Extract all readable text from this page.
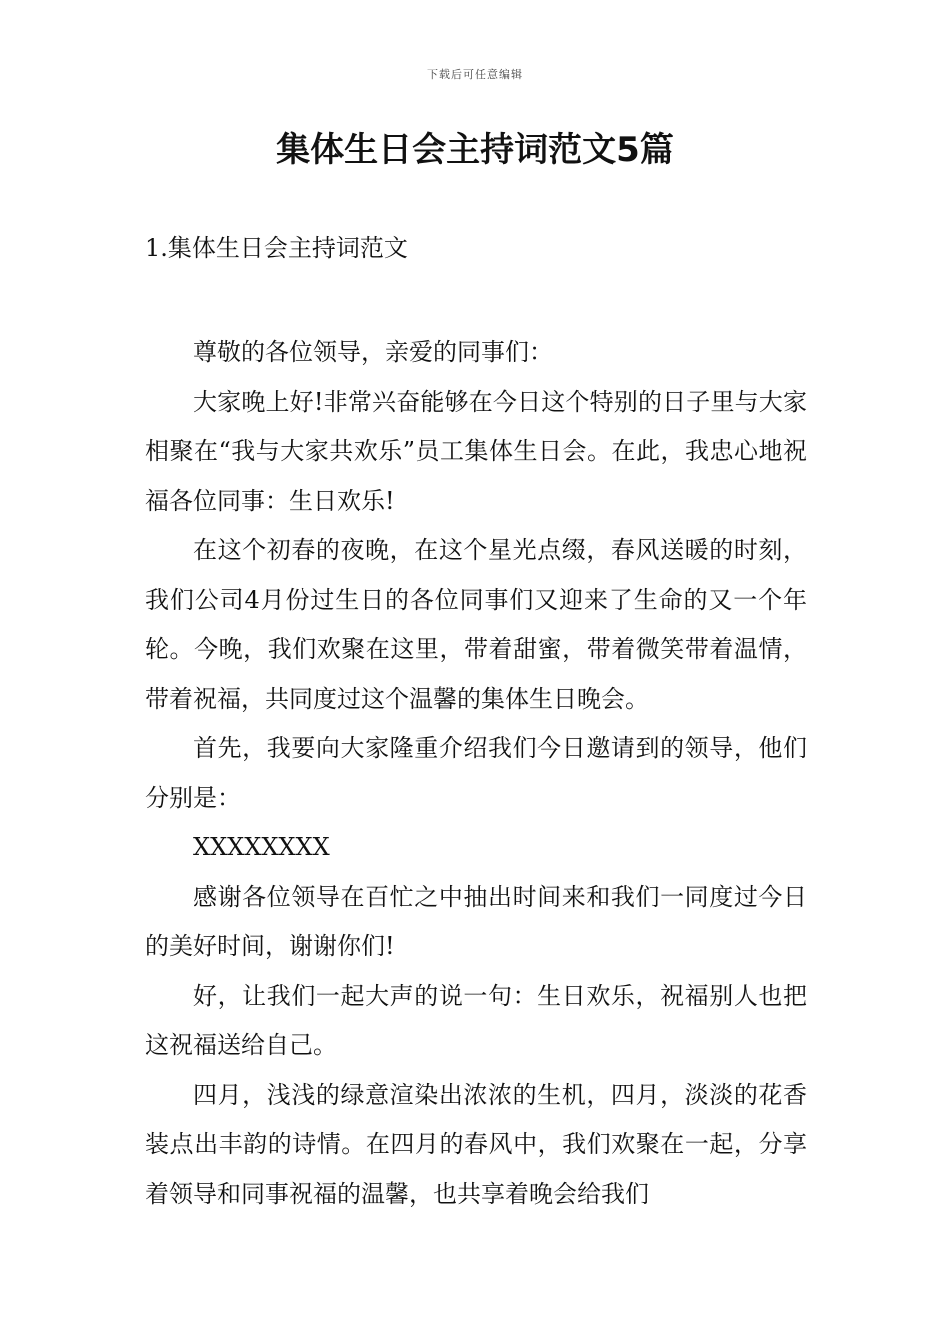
下载后可任意编辑
集体生日会主持词范文5篇
1.集体生日会主持词范文

尊敬的各位领导，亲爱的同事们：

大家晚上好!非常兴奋能够在今日这个特别的日子里与大家相聚在“我与大家共欢乐”员工集体生日会。在此，我忠心地祝福各位同事：生日欢乐!

在这个初春的夜晚，在这个星光点缀，春风送暖的时刻，我们公司4月份过生日的各位同事们又迎来了生命的又一个年轮。今晚，我们欢聚在这里，带着甜蜜，带着微笑带着温情，带着祝福，共同度过这个温馨的集体生日晚会。

首先，我要向大家隆重介绍我们今日邀请到的领导，他们分别是：

XXXXXXXX

感谢各位领导在百忙之中抽出时间来和我们一同度过今日的美好时间，谢谢你们!

好，让我们一起大声的说一句：生日欢乐，祝福别人也把这祝福送给自己。

四月，浅浅的绿意渲染出浓浓的生机，四月，淡淡的花香装点出丰韵的诗情。在四月的春风中，我们欢聚在一起，分享着领导和同事祝福的温馨，也共享着晚会给我们
